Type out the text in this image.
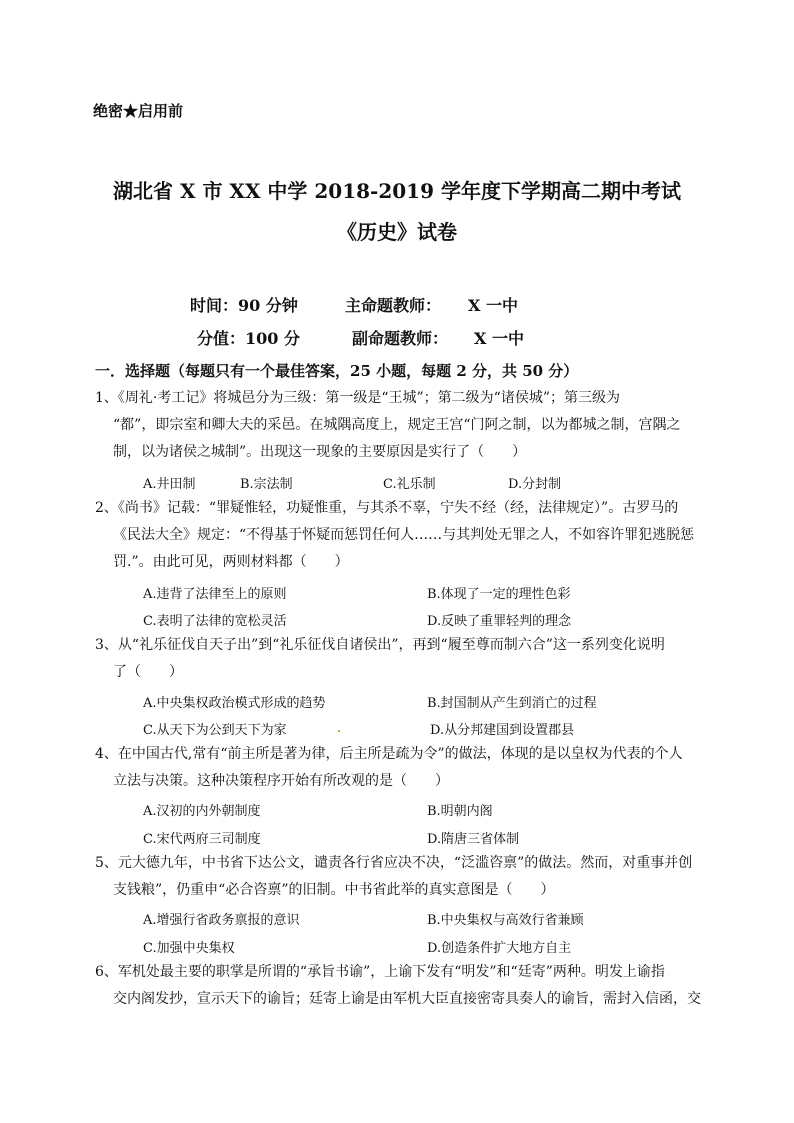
绝密★启用前
湖北省 X 市 XX 中学 2018-2019 学年度下学期高二期中考试
《历史》试卷
时间：90 分钟	主命题教师： X 一中
分值：100 分	副命题教师： X 一中
一．选择题（每题只有一个最佳答案，25 小题，每题 2 分，共 50 分）
1、《周礼·考工记》将城邑分为三级：第一级是“王城”；第二级为“诸侯城”；第三级为
“都”，即宗室和卿大夫的采邑。在城隅高度上，规定王宫“门阿之制，以为都城之制，宫隅之
制，以为诸侯之城制”。出现这一现象的主要原因是实行了（　　）
A.井田制	B.宗法制	C.礼乐制	D.分封制
2、《尚书》记载：“罪疑惟轻，功疑惟重，与其杀不辜，宁失不经（经，法律规定）”。古罗马的
《民法大全》规定：“不得基于怀疑而惩罚任何人……与其判处无罪之人，不如容许罪犯逃脱惩
罚.”。由此可见，两则材料都（　　）
A.违背了法律至上的原则	B.体现了一定的理性色彩
C.表明了法律的宽松灵活	D.反映了重罪轻判的理念
3、从“礼乐征伐自天子出”到“礼乐征伐自诸侯出”，再到“履至尊而制六合”这一系列变化说明
了（　　）
A.中央集权政治模式形成的趋势	B.封国制从产生到消亡的过程
C.从天下为公到天下为家	D.从分邦建国到设置郡县
4、在中国古代,常有“前主所是著为律，后主所是疏为令”的做法，体现的是以皇权为代表的个人
立法与决策。这种决策程序开始有所改观的是（　　）
A.汉初的内外朝制度	B.明朝内阁
C.宋代两府三司制度	D.隋唐三省体制
5、元大德九年，中书省下达公文，谴责各行省应决不决，“泛滥咨禀”的做法。然而，对重事并创
支钱粮”，仍重申“必合咨禀”的旧制。中书省此举的真实意图是（　　）
A.增强行省政务禀报的意识	B.中央集权与高效行省兼顾
C.加强中央集权	D.创造条件扩大地方自主
6、军机处最主要的职掌是所谓的“承旨书谕”，上谕下发有“明发”和“廷寄”两种。明发上谕指
交内阁发抄，宣示天下的谕旨；廷寄上谕是由军机大臣直接密寄具奏人的谕旨，需封入信函，交
